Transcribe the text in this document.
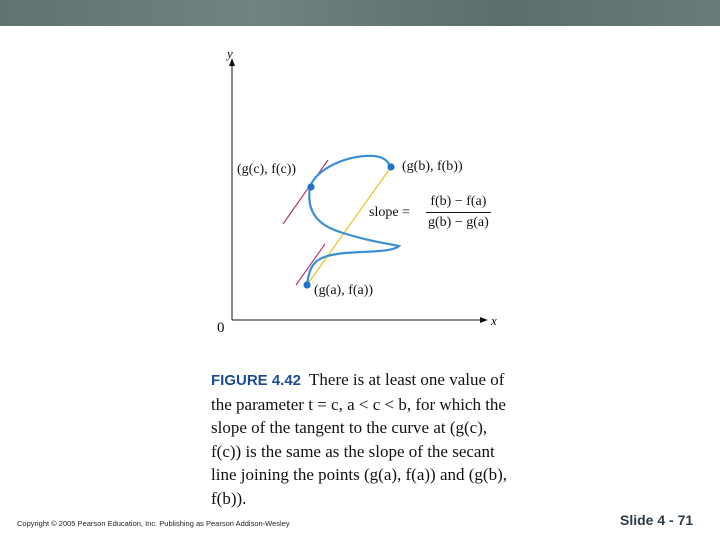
y
x
0
(g(c), f(c))	(g(b), f(b))
(g(a), f(a))
slope =
f(b) − f(a)
g(b) − g(a)
FIGURE 4.42 There is at least one value of the parameter t = c, a < c < b, for which the slope of the tangent to the curve at (g(c), f(c)) is the same as the slope of the secant line joining the points (g(a), f(a)) and (g(b), f(b)).
Copyright © 2005 Pearson Education, Inc. Publishing as Pearson Addison-Wesley	Slide 4 - 71
